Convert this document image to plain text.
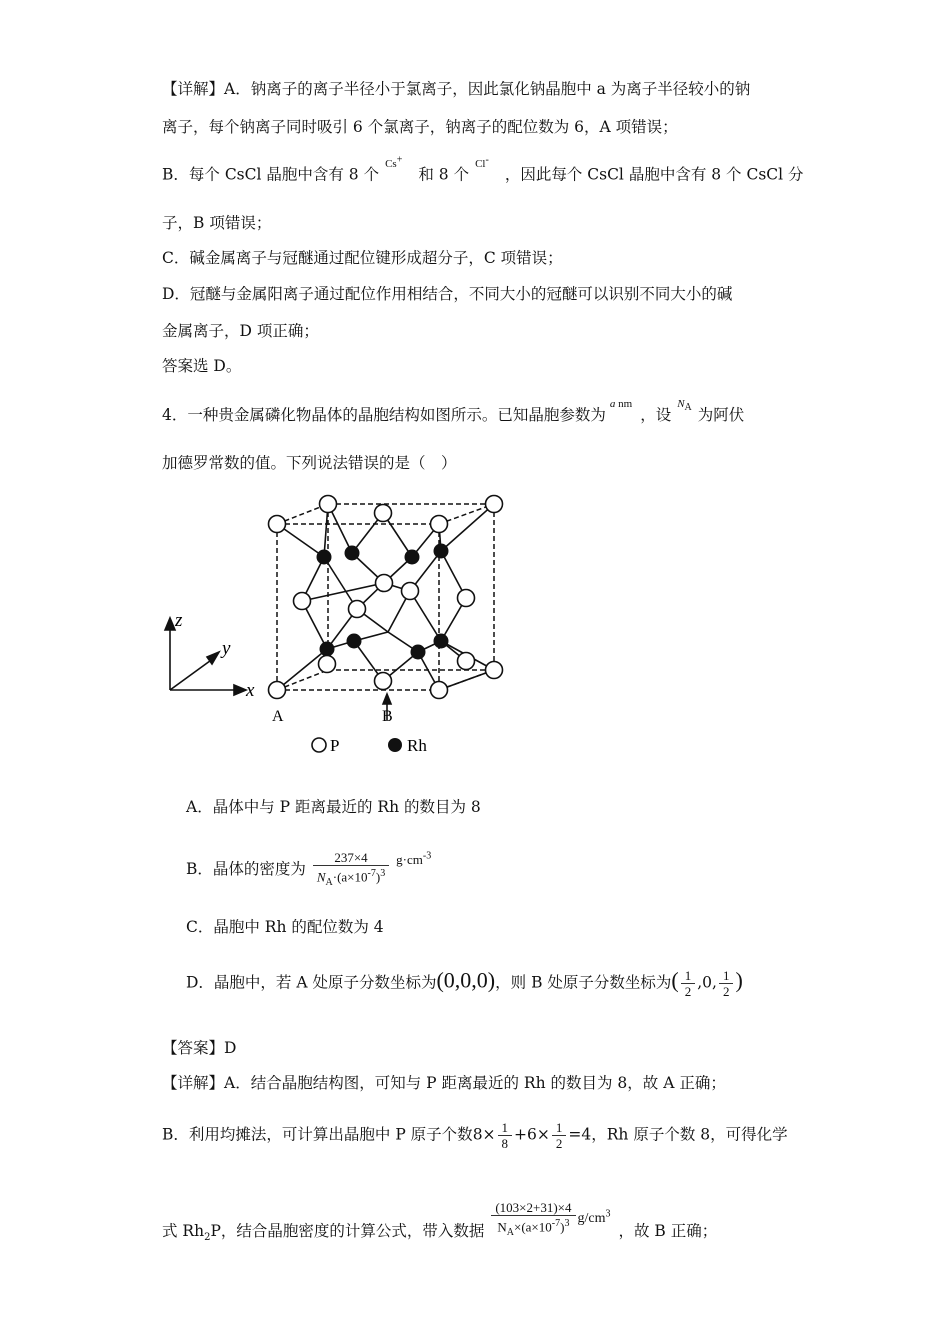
【详解】A．钠离子的离子半径小于氯离子，因此氯化钠晶胞中 a 为离子半径较小的钠
离子，每个钠离子同时吸引 6 个氯离子，钠离子的配位数为 6，A 项错误；
B．每个 CsCl 晶胞中含有 8 个$^{Cs^+}$和 8 个$^{Cl^-}$，因此每个 CsCl 晶胞中含有 8 个 CsCl 分
子，B 项错误；
C．碱金属离子与冠醚通过配位键形成超分子，C 项错误；
D．冠醚与金属阳离子通过配位作用相结合，不同大小的冠醚可以识别不同大小的碱
金属离子，D 项正确；
答案选 D。
4．一种贵金属磷化物晶体的晶胞结构如图所示。已知晶胞参数为$^{a nm}$，设$^{N_A}$ 为阿伏
加德罗常数的值。下列说法错误的是（　）
z
y
x
A	B
P	Rh
A．晶体中与 P 距离最近的 Rh 的数目为 8
B．晶体的密度为 $\frac{237\times 4}{N_A\cdot(a\times 10^{-7})^3} ^{g\cdot cm^{-3}}$
C．晶胞中 Rh 的配位数为 4
D．晶胞中，若 A 处原子分数坐标为(0,0,0)，则 B 处原子分数坐标为( $\frac{1}{2} ,0$, $\frac{1}{2}$ )
【答案】D
【详解】A．结合晶胞结构图，可知与 P 距离最近的 Rh 的数目为 8，故 A 正确；
B．利用均摊法，可计算出晶胞中 P 原子个数$8\times \frac{1}{8} +6\times \frac{1}{2} =4$，Rh 原子个数 8，可得化学
式 $Rh_2P$，结合晶胞密度的计算公式，带入数据 $\frac{(103\times 2+31)\times 4}{N_A\times(a\times 10^{-7})^3} g/cm^3$，故 B 正确；
